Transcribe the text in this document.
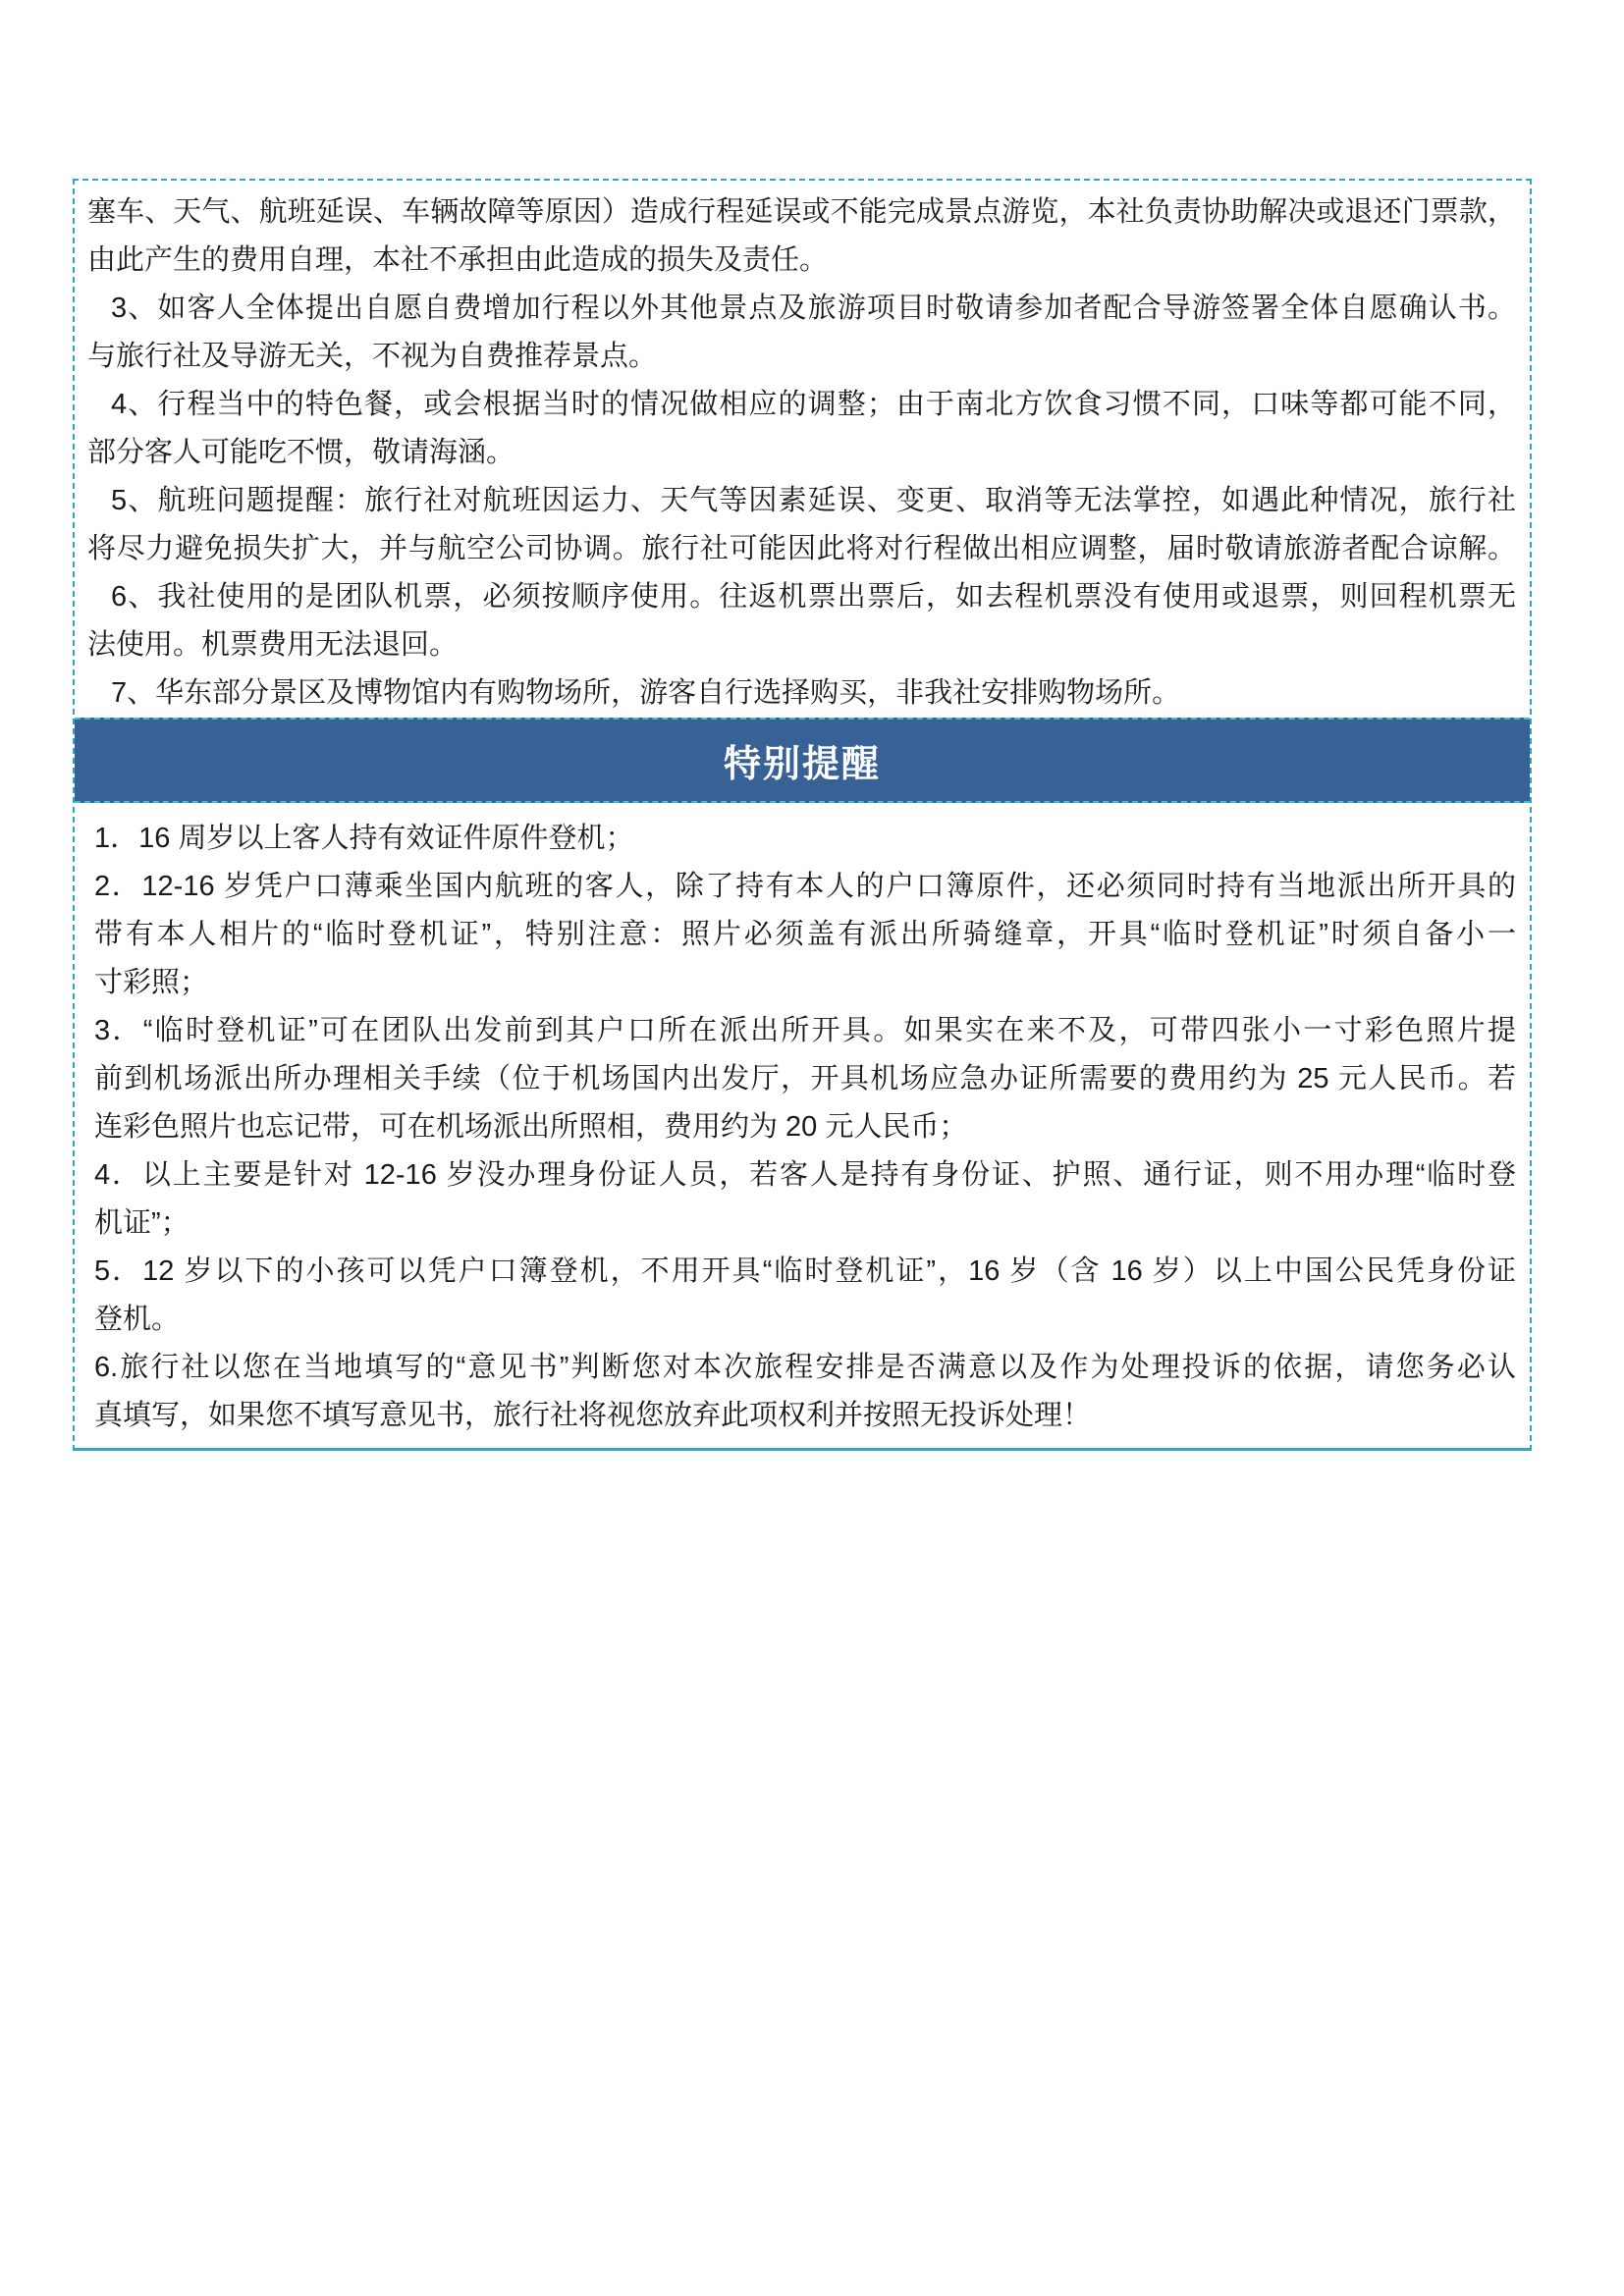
塞车、天气、航班延误、车辆故障等原因）造成行程延误或不能完成景点游览，本社负责协助解决或退还门票款，
由此产生的费用自理，本社不承担由此造成的损失及责任。
3、如客人全体提出自愿自费增加行程以外其他景点及旅游项目时敬请参加者配合导游签署全体自愿确认书。
与旅行社及导游无关，不视为自费推荐景点。
4、行程当中的特色餐，或会根据当时的情况做相应的调整；由于南北方饮食习惯不同，口味等都可能不同，
部分客人可能吃不惯，敬请海涵。
5、航班问题提醒：旅行社对航班因运力、天气等因素延误、变更、取消等无法掌控，如遇此种情况，旅行社
将尽力避免损失扩大，并与航空公司协调。旅行社可能因此将对行程做出相应调整，届时敬请旅游者配合谅解。
6、我社使用的是团队机票，必须按顺序使用。往返机票出票后，如去程机票没有使用或退票，则回程机票无
法使用。机票费用无法退回。
7、华东部分景区及博物馆内有购物场所，游客自行选择购买，非我社安排购物场所。
特别提醒
1．16 周岁以上客人持有效证件原件登机；
2．12-16 岁凭户口薄乘坐国内航班的客人，除了持有本人的户口簿原件，还必须同时持有当地派出所开具的
带有本人相片的“临时登机证”，特别注意：照片必须盖有派出所骑缝章，开具“临时登机证”时须自备小一
寸彩照；
3．“临时登机证”可在团队出发前到其户口所在派出所开具。如果实在来不及，可带四张小一寸彩色照片提
前到机场派出所办理相关手续（位于机场国内出发厅，开具机场应急办证所需要的费用约为 25 元人民币。若
连彩色照片也忘记带，可在机场派出所照相，费用约为 20 元人民币；
4．以上主要是针对 12-16 岁没办理身份证人员，若客人是持有身份证、护照、通行证，则不用办理“临时登
机证”；
5．12 岁以下的小孩可以凭户口簿登机，不用开具“临时登机证”，16 岁（含 16 岁）以上中国公民凭身份证
登机。
6.旅行社以您在当地填写的“意见书”判断您对本次旅程安排是否满意以及作为处理投诉的依据，请您务必认
真填写，如果您不填写意见书，旅行社将视您放弃此项权利并按照无投诉处理！
